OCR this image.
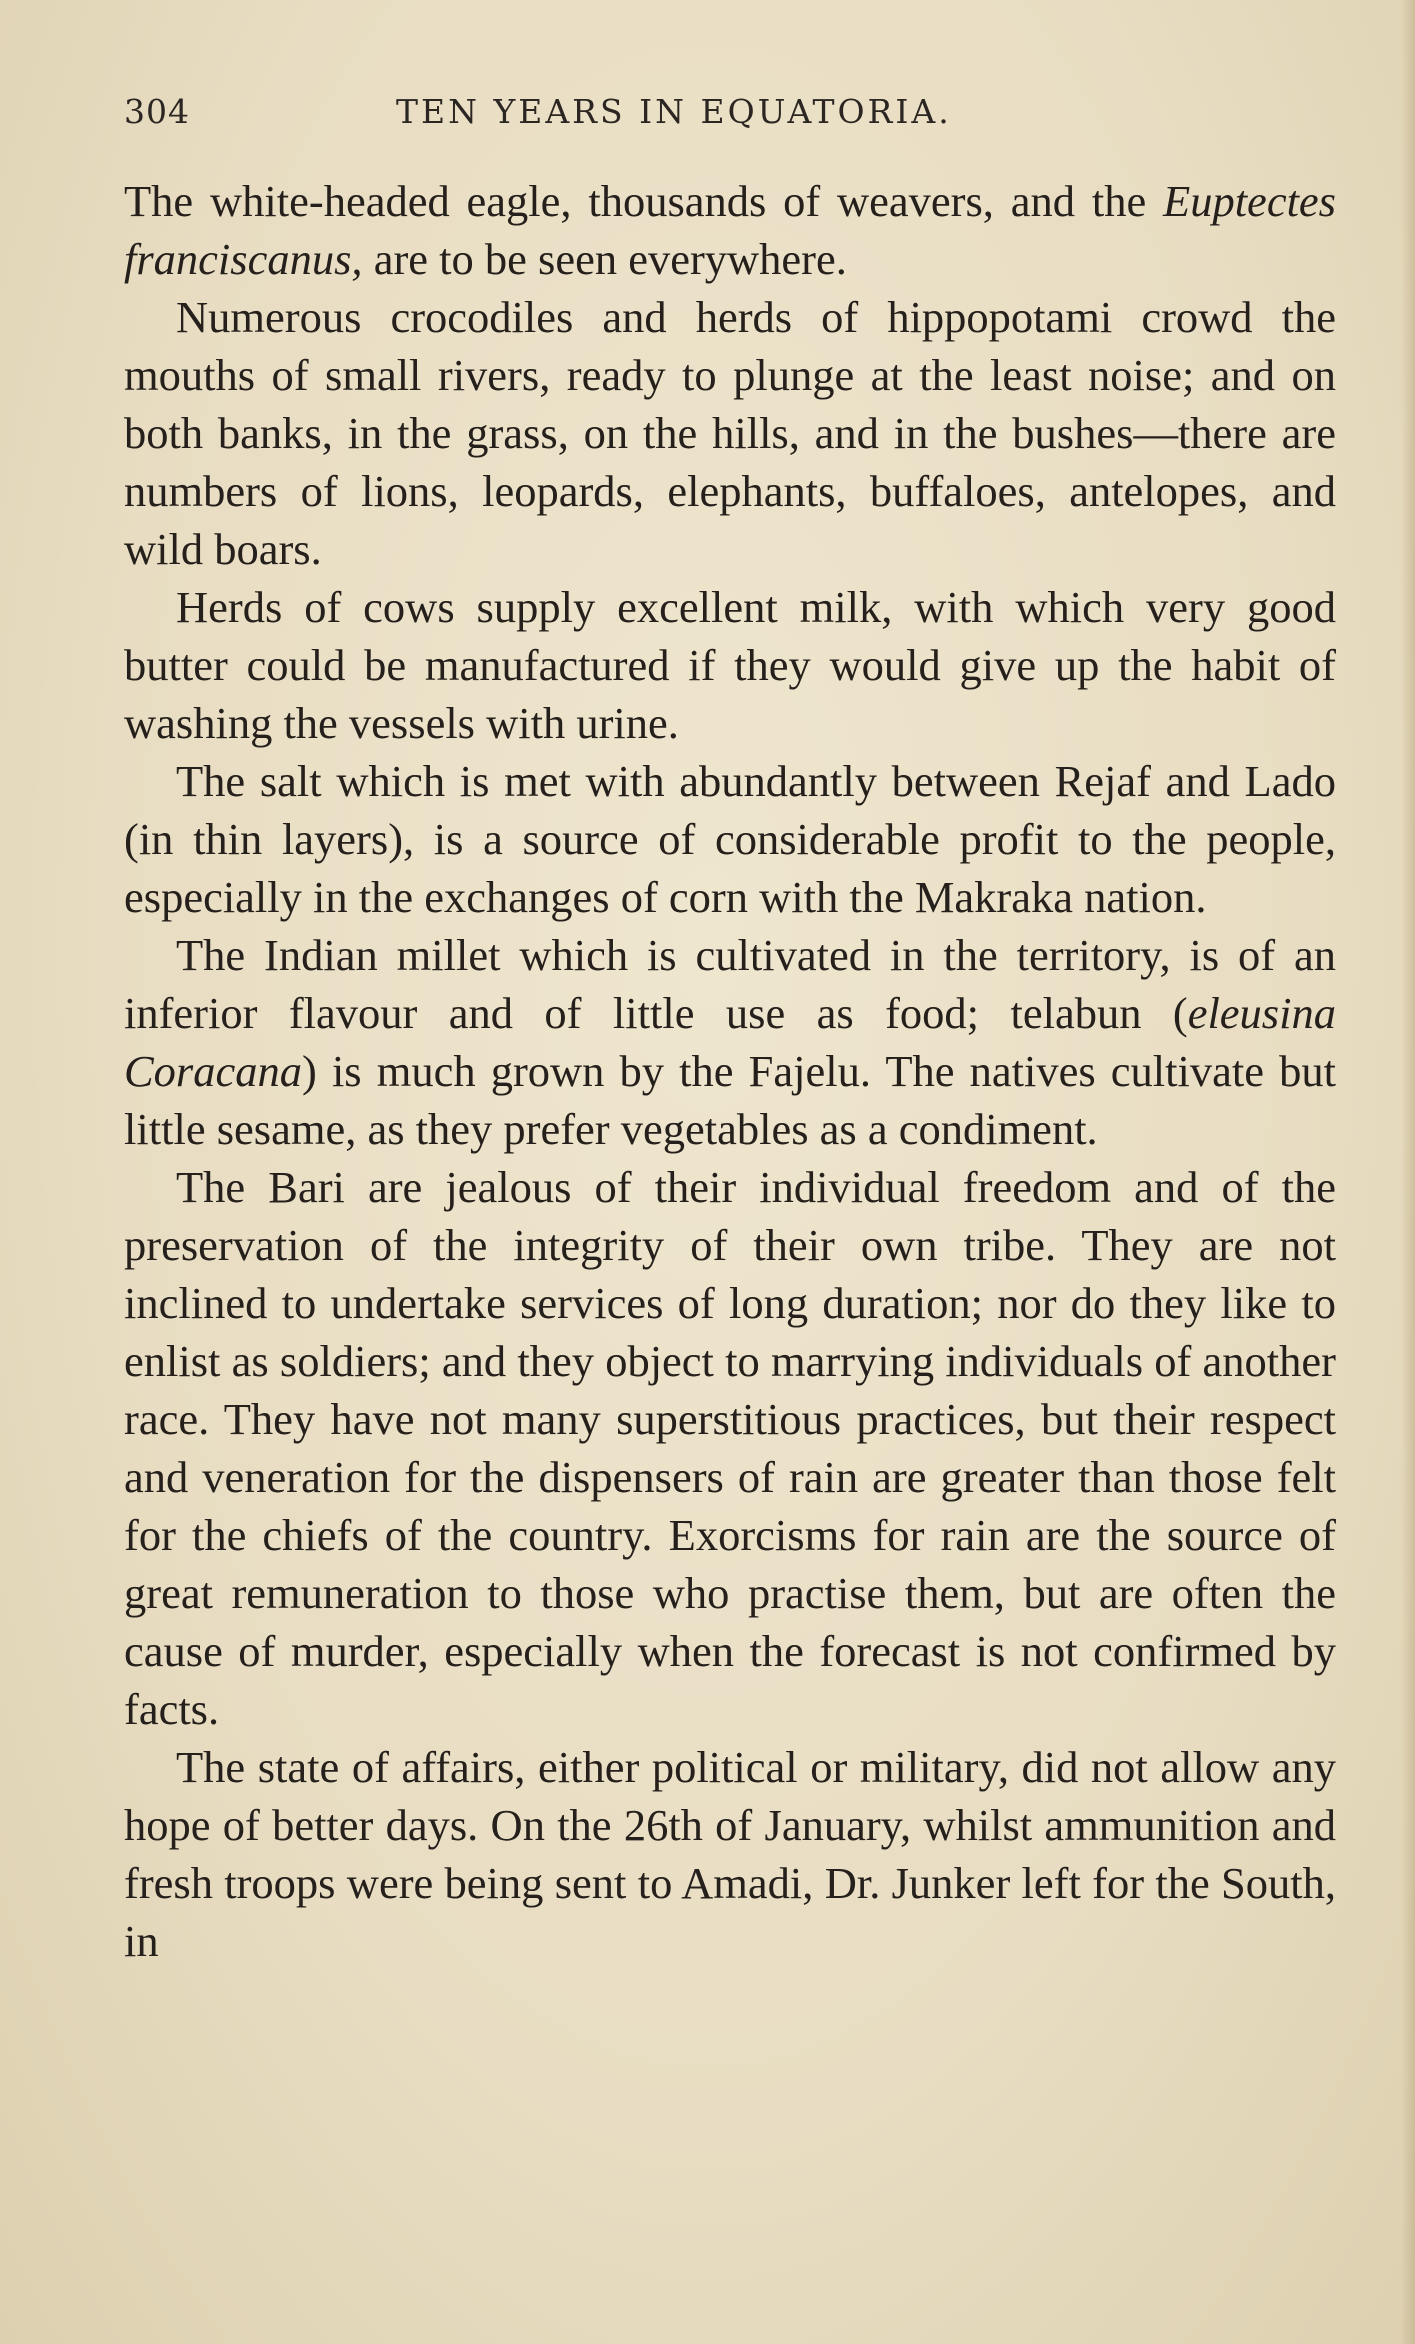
304	TEN YEARS IN EQUATORIA.

The white-headed eagle, thousands of weavers, and the Euptectes franciscanus, are to be seen everywhere.

Numerous crocodiles and herds of hippopotami crowd the mouths of small rivers, ready to plunge at the least noise; and on both banks, in the grass, on the hills, and in the bushes—there are numbers of lions, leopards, elephants, buffaloes, antelopes, and wild boars.

Herds of cows supply excellent milk, with which very good butter could be manufactured if they would give up the habit of washing the vessels with urine.

The salt which is met with abundantly between Rejaf and Lado (in thin layers), is a source of considerable profit to the people, especially in the exchanges of corn with the Makraka nation.

The Indian millet which is cultivated in the territory, is of an inferior flavour and of little use as food; telabun (eleusina Coracana) is much grown by the Fajelu. The natives cultivate but little sesame, as they prefer vegetables as a condiment.

The Bari are jealous of their individual freedom and of the preservation of the integrity of their own tribe. They are not inclined to undertake services of long duration; nor do they like to enlist as soldiers; and they object to marrying individuals of another race. They have not many superstitious practices, but their respect and veneration for the dispensers of rain are greater than those felt for the chiefs of the country. Exorcisms for rain are the source of great remuneration to those who practise them, but are often the cause of murder, especially when the forecast is not confirmed by facts.

The state of affairs, either political or military, did not allow any hope of better days. On the 26th of January, whilst ammunition and fresh troops were being sent to Amadi, Dr. Junker left for the South, in
